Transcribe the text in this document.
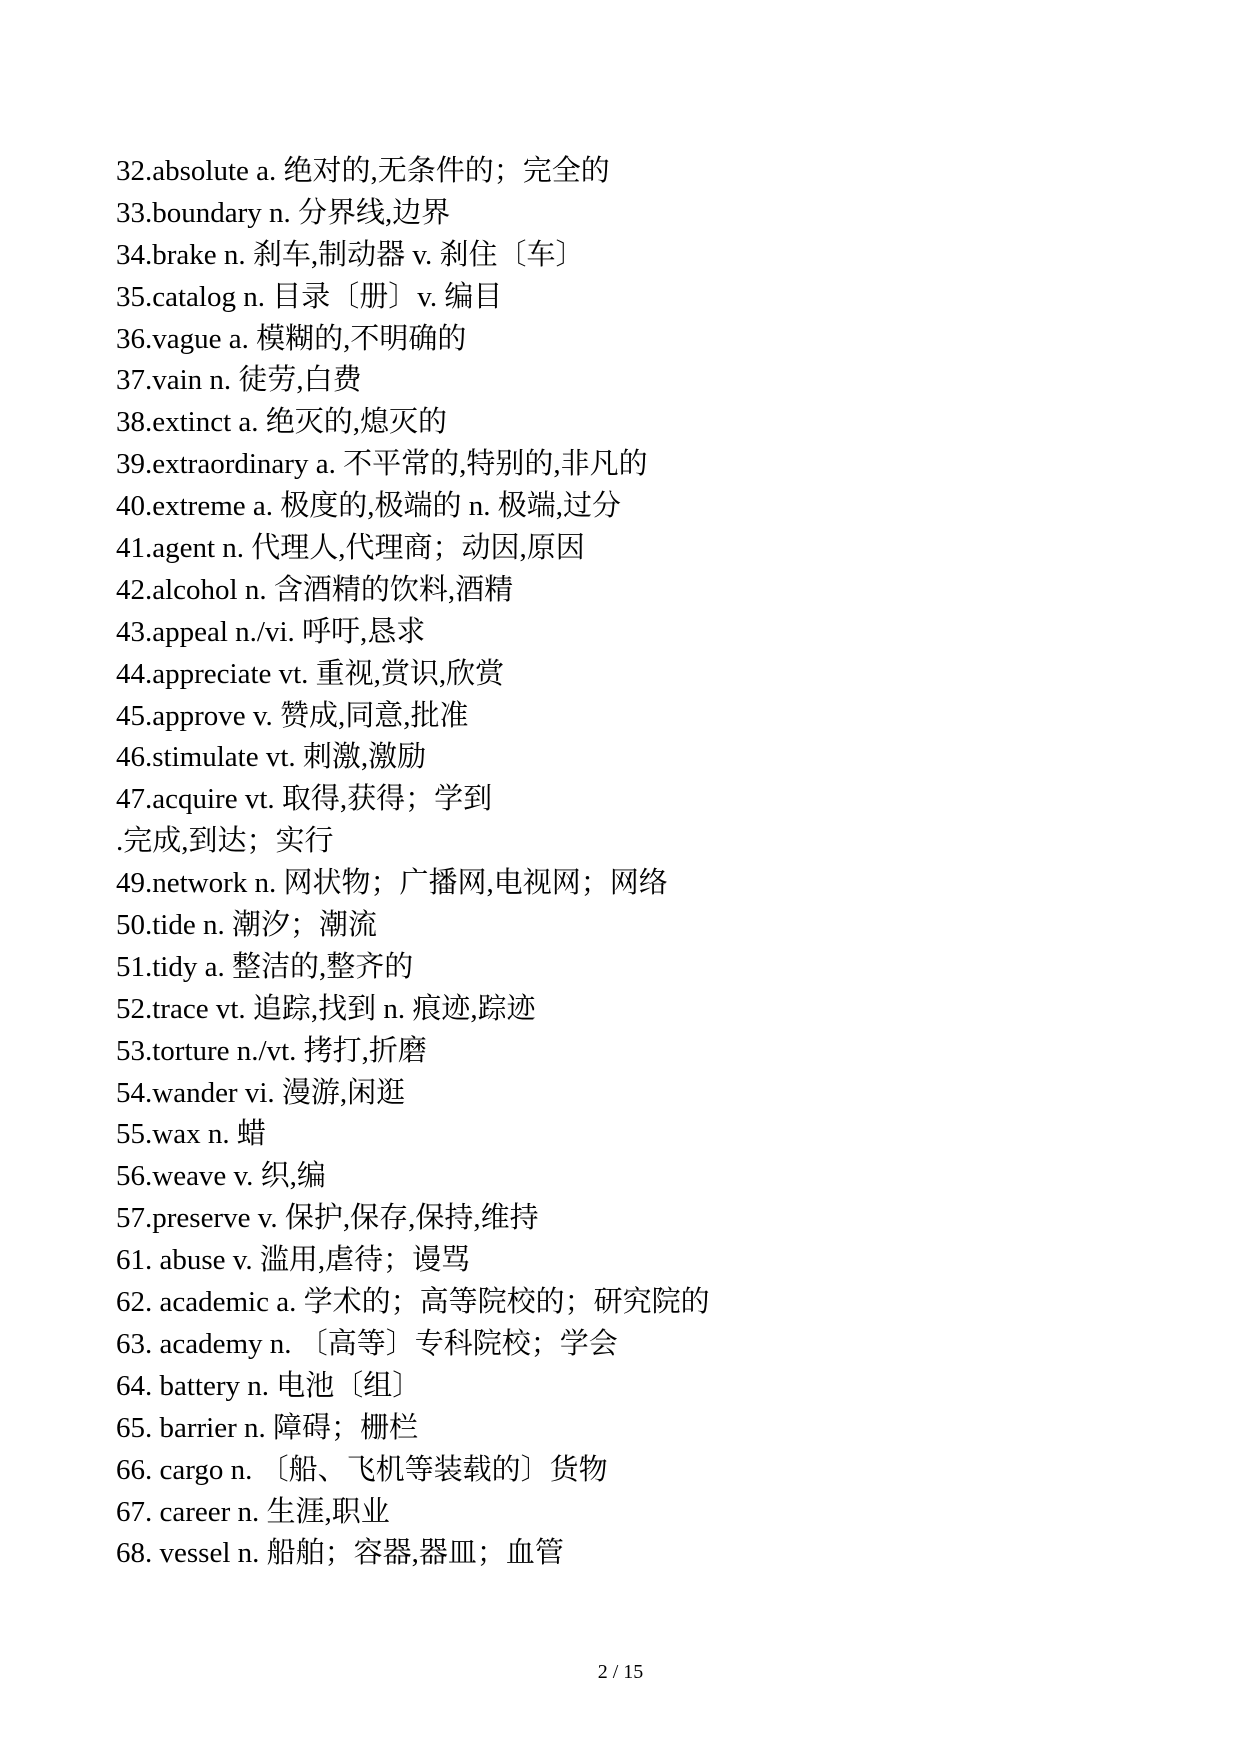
32.absolute a. 绝对的,无条件的；完全的
33.boundary n. 分界线,边界
34.brake n. 刹车,制动器 v. 刹住〔车〕
35.catalog n. 目录〔册〕v. 编目
36.vague a. 模糊的,不明确的
37.vain n. 徒劳,白费
38.extinct a. 绝灭的,熄灭的
39.extraordinary a. 不平常的,特别的,非凡的
40.extreme a. 极度的,极端的 n. 极端,过分
41.agent n. 代理人,代理商；动因,原因
42.alcohol n. 含酒精的饮料,酒精
43.appeal n./vi. 呼吁,恳求
44.appreciate vt. 重视,赏识,欣赏
45.approve v. 赞成,同意,批准
46.stimulate vt. 刺激,激励
47.acquire vt. 取得,获得；学到
.完成,到达；实行
49.network n. 网状物；广播网,电视网；网络
50.tide n. 潮汐；潮流
51.tidy a. 整洁的,整齐的
52.trace vt. 追踪,找到 n. 痕迹,踪迹
53.torture n./vt. 拷打,折磨
54.wander vi. 漫游,闲逛
55.wax n. 蜡
56.weave v. 织,编
57.preserve v. 保护,保存,保持,维持
61. abuse v. 滥用,虐待；谩骂
62. academic a. 学术的；高等院校的；研究院的
63. academy n. 〔高等〕专科院校；学会
64. battery n. 电池〔组〕
65. barrier n. 障碍；栅栏
66. cargo n. 〔船、飞机等装载的〕货物
67. career n. 生涯,职业
68. vessel n. 船舶；容器,器皿；血管
2 / 15
